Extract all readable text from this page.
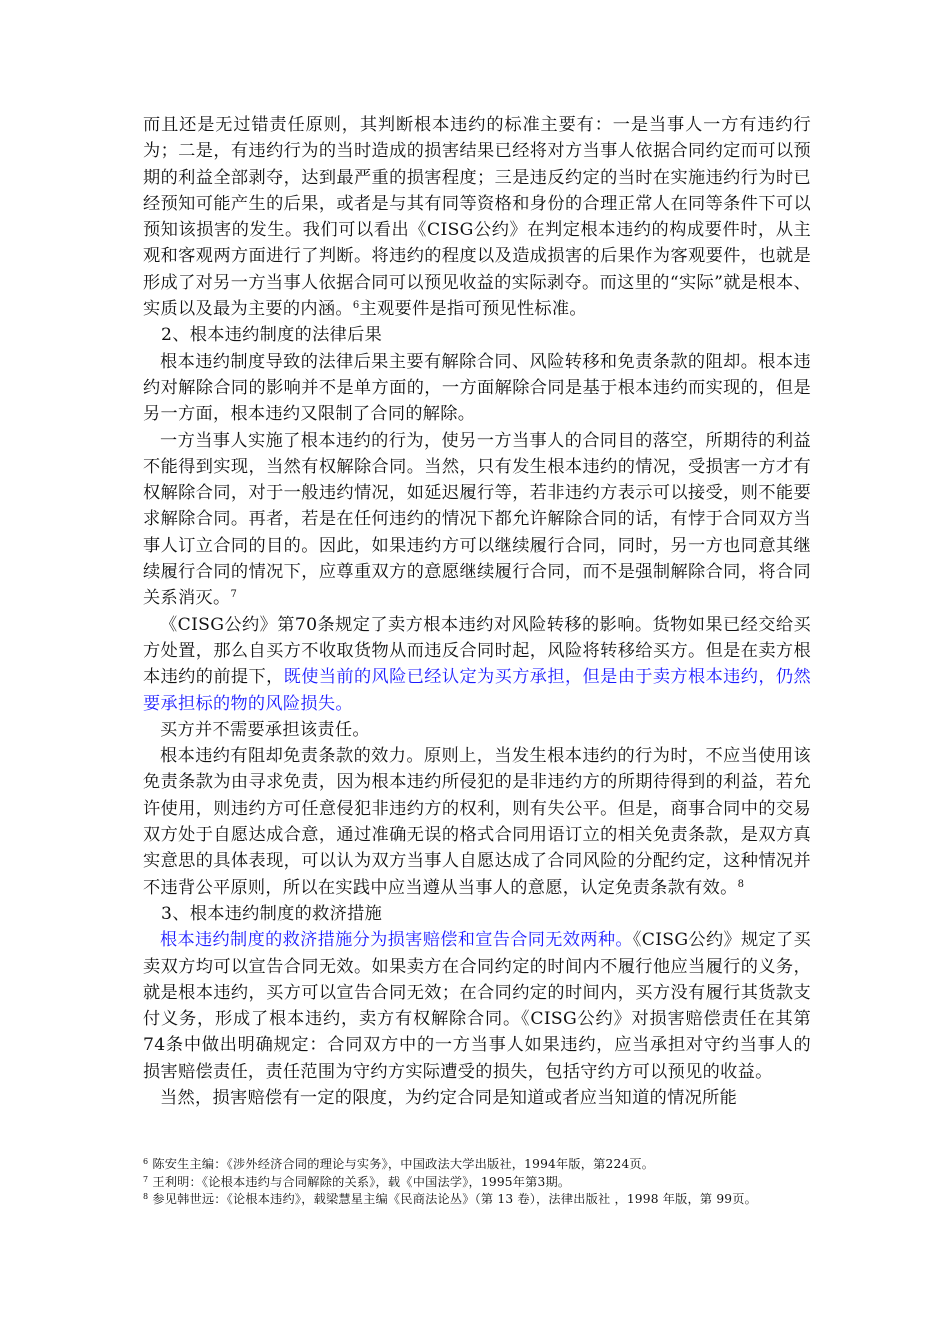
而且还是无过错责任原则，其判断根本违约的标准主要有：一是当事人一方有违约行为；二是，有违约行为的当时造成的损害结果已经将对方当事人依据合同约定而可以预期的利益全部剥夺，达到最严重的损害程度；三是违反约定的当时在实施违约行为时已经预知可能产生的后果，或者是与其有同等资格和身份的合理正常人在同等条件下可以预知该损害的发生。我们可以看出《CISG公约》在判定根本违约的构成要件时，从主观和客观两方面进行了判断。将违约的程度以及造成损害的后果作为客观要件，也就是形成了对另一方当事人依据合同可以预见收益的实际剥夺。而这里的“实际”就是根本、实质以及最为主要的内涵。$^6$主观要件是指可预见性标准。

2、根本违约制度的法律后果

根本违约制度导致的法律后果主要有解除合同、风险转移和免责条款的阻却。根本违约对解除合同的影响并不是单方面的，一方面解除合同是基于根本违约而实现的，但是另一方面，根本违约又限制了合同的解除。

一方当事人实施了根本违约的行为，使另一方当事人的合同目的落空，所期待的利益不能得到实现，当然有权解除合同。当然，只有发生根本违约的情况，受损害一方才有权解除合同，对于一般违约情况，如延迟履行等，若非违约方表示可以接受，则不能要求解除合同。再者，若是在任何违约的情况下都允许解除合同的话，有悖于合同双方当事人订立合同的目的。因此，如果违约方可以继续履行合同，同时，另一方也同意其继续履行合同的情况下，应尊重双方的意愿继续履行合同，而不是强制解除合同，将合同关系消灭。$^7$

《CISG公约》第70条规定了卖方根本违约对风险转移的影响。货物如果已经交给买方处置，那么自买方不收取货物从而违反合同时起，风险将转移给买方。但是在卖方根本违约的前提下，既使当前的风险已经认定为买方承担，但是由于卖方根本违约，仍然要承担标的物的风险损失。

买方并不需要承担该责任。

根本违约有阻却免责条款的效力。原则上，当发生根本违约的行为时，不应当使用该免责条款为由寻求免责，因为根本违约所侵犯的是非违约方的所期待得到的利益，若允许使用，则违约方可任意侵犯非违约方的权利，则有失公平。但是，商事合同中的交易双方处于自愿达成合意，通过准确无误的格式合同用语订立的相关免责条款，是双方真实意思的具体表现，可以认为双方当事人自愿达成了合同风险的分配约定，这种情况并不违背公平原则，所以在实践中应当遵从当事人的意愿，认定免责条款有效。$^8$

3、根本违约制度的救济措施

根本违约制度的救济措施分为损害赔偿和宣告合同无效两种。《CISG公约》规定了买卖双方均可以宣告合同无效。如果卖方在合同约定的时间内不履行他应当履行的义务，就是根本违约，买方可以宣告合同无效；在合同约定的时间内，买方没有履行其货款支付义务，形成了根本违约，卖方有权解除合同。《CISG公约》对损害赔偿责任在其第74条中做出明确规定：合同双方中的一方当事人如果违约，应当承担对守约当事人的损害赔偿责任，责任范围为守约方实际遭受的损失，包括守约方可以预见的收益。

当然，损害赔偿有一定的限度，为约定合同是知道或者应当知道的情况所能

$^6$ 陈安生主编：《涉外经济合同的理论与实务》，中国政法大学出版社，1994年版，第224页。

$^7$ 王利明：《论根本违约与合同解除的关系》，载《中国法学》，1995年第3期。

$^8$ 参见韩世远：《论根本违约》，载梁慧星主编《民商法论丛》（第 13 卷），法律出版社 ，1998 年版，第 99页。
